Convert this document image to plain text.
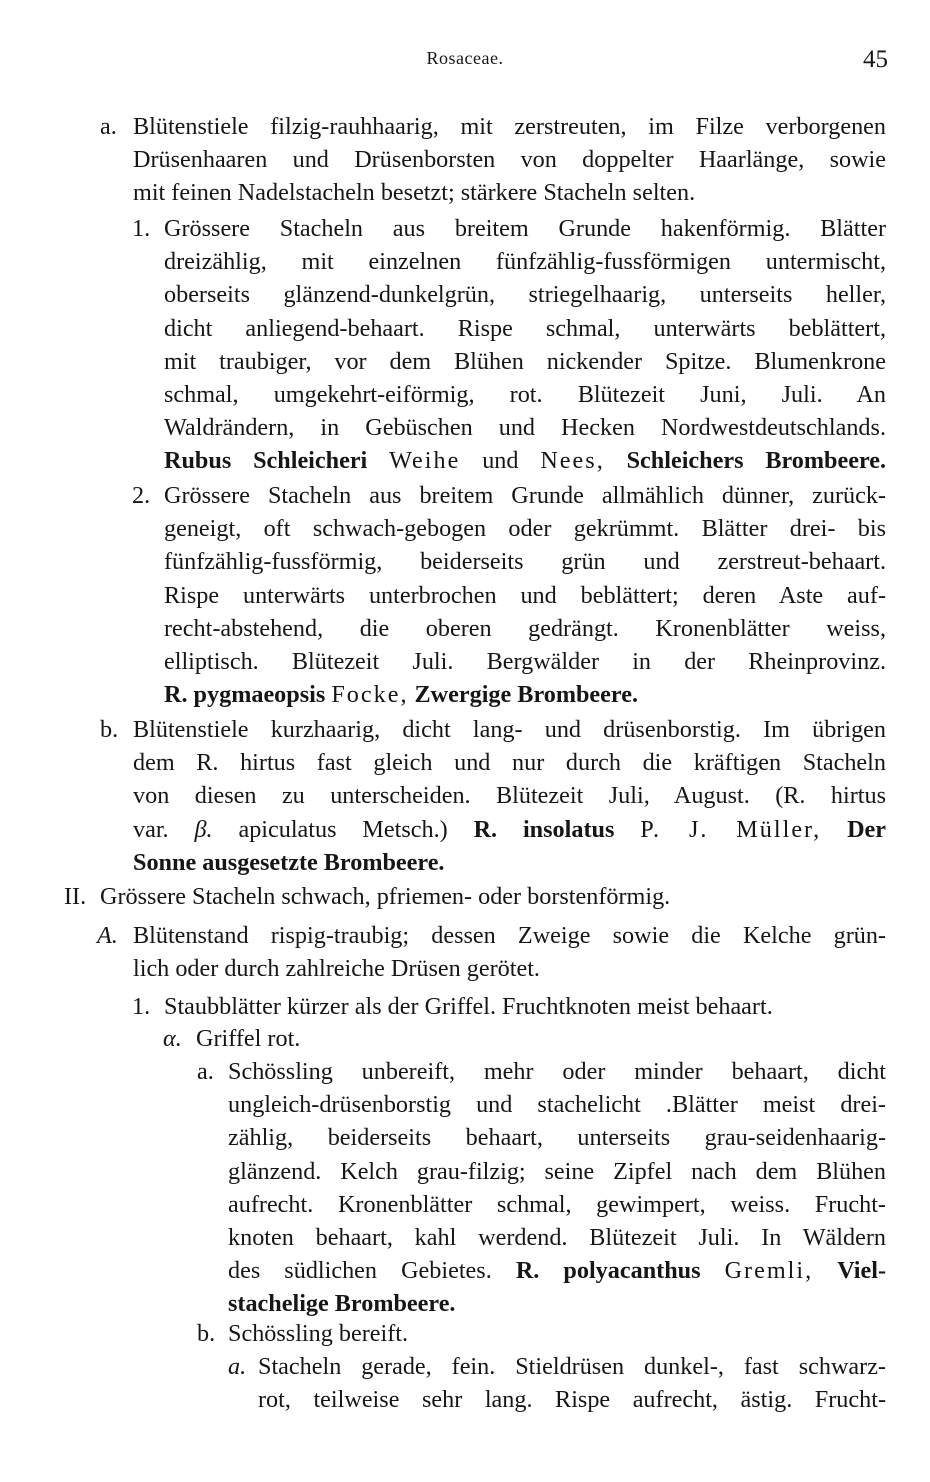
Rosaceae.	45
a. Blütenstiele filzig-rauhhaarig, mit zerstreuten, im Filze verborgenen
Drüsenhaaren und Drüsenborsten von doppelter Haarlänge, sowie
mit feinen Nadelstacheln besetzt; stärkere Stacheln selten.
1. Grössere Stacheln aus breitem Grunde hakenförmig. Blätter
dreizählig, mit einzelnen fünfzählig-fussförmigen untermischt,
oberseits glänzend-dunkelgrün, striegelhaarig, unterseits heller,
dicht anliegend-behaart. Rispe schmal, unterwärts beblättert,
mit traubiger, vor dem Blühen nickender Spitze. Blumenkrone
schmal, umgekehrt-eiförmig, rot. Blütezeit Juni, Juli. An
Waldrändern, in Gebüschen und Hecken Nordwestdeutschlands.
Rubus Schleicheri Weihe und Nees, Schleichers Brombeere.
2. Grössere Stacheln aus breitem Grunde allmählich dünner, zurück-
geneigt, oft schwach-gebogen oder gekrümmt. Blätter drei- bis
fünfzählig-fussförmig, beiderseits grün und zerstreut-behaart.
Rispe unterwärts unterbrochen und beblättert; deren Aste auf-
recht-abstehend, die oberen gedrängt. Kronenblätter weiss,
elliptisch. Blütezeit Juli. Bergwälder in der Rheinprovinz.
R. pygmaeopsis Focke, Zwergige Brombeere.
b. Blütenstiele kurzhaarig, dicht lang- und drüsenborstig. Im übrigen
dem R. hirtus fast gleich und nur durch die kräftigen Stacheln
von diesen zu unterscheiden. Blütezeit Juli, August. (R. hirtus
var. β. apiculatus Metsch.) R. insolatus P. J. Müller, Der
Sonne ausgesetzte Brombeere.
II. Grössere Stacheln schwach, pfriemen- oder borstenförmig.
A. Blütenstand rispig-traubig; dessen Zweige sowie die Kelche grün-
lich oder durch zahlreiche Drüsen gerötet.
1. Staubblätter kürzer als der Griffel. Fruchtknoten meist behaart.
α. Griffel rot.
a. Schössling unbereift, mehr oder minder behaart, dicht
ungleich-drüsenborstig und stachelicht .Blätter meist drei-
zählig, beiderseits behaart, unterseits grau-seidenhaarig-
glänzend. Kelch grau-filzig; seine Zipfel nach dem Blühen
aufrecht. Kronenblätter schmal, gewimpert, weiss. Frucht-
knoten behaart, kahl werdend. Blütezeit Juli. In Wäldern
des südlichen Gebietes. R. polyacanthus Gremli, Viel-
stachelige Brombeere.
b. Schössling bereift.
a. Stacheln gerade, fein. Stieldrüsen dunkel-, fast schwarz-
rot, teilweise sehr lang. Rispe aufrecht, ästig. Frucht-
